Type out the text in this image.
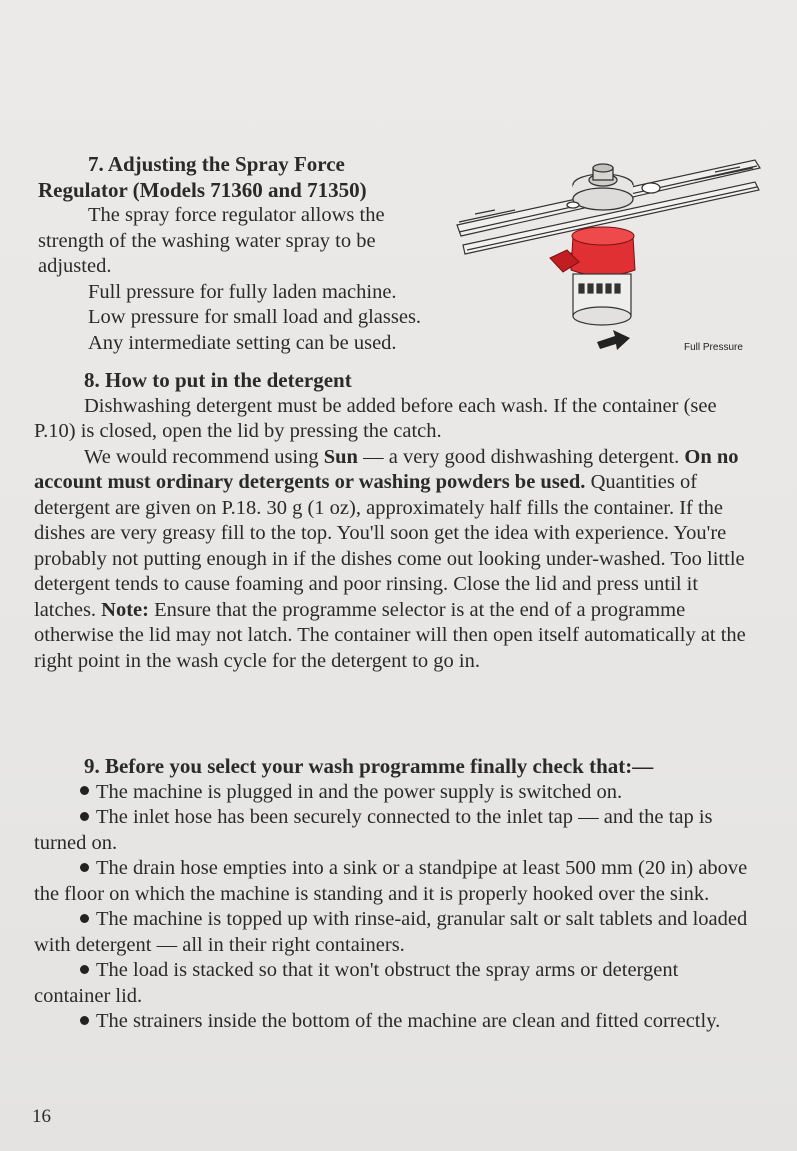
7. Adjusting the Spray Force

Regulator (Models 71360 and 71350)

The spray force regulator allows the strength of the washing water spray to be adjusted.

Full pressure for fully laden machine.

Low pressure for small load and glasses.

Any intermediate setting can be used.	Full Pressure

8. How to put in the detergent

Dishwashing detergent must be added before each wash. If the container (see P.10) is closed, open the lid by pressing the catch.

We would recommend using Sun — a very good dishwashing detergent. On no account must ordinary detergents or washing powders be used. Quantities of detergent are given on P.18. 30 g (1 oz), approximately half fills the container. If the dishes are very greasy fill to the top. You'll soon get the idea with experience. You're probably not putting enough in if the dishes come out looking under-washed. Too little detergent tends to cause foaming and poor rinsing. Close the lid and press until it latches. Note: Ensure that the programme selector is at the end of a programme otherwise the lid may not latch. The container will then open itself automatically at the right point in the wash cycle for the detergent to go in.

9. Before you select your wash programme finally check that:—

The machine is plugged in and the power supply is switched on.

The inlet hose has been securely connected to the inlet tap — and the tap is turned on.

The drain hose empties into a sink or a standpipe at least 500 mm (20 in) above the floor on which the machine is standing and it is properly hooked over the sink.

The machine is topped up with rinse-aid, granular salt or salt tablets and loaded with detergent — all in their right containers.

The load is stacked so that it won't obstruct the spray arms or detergent container lid.

The strainers inside the bottom of the machine are clean and fitted correctly.

16
